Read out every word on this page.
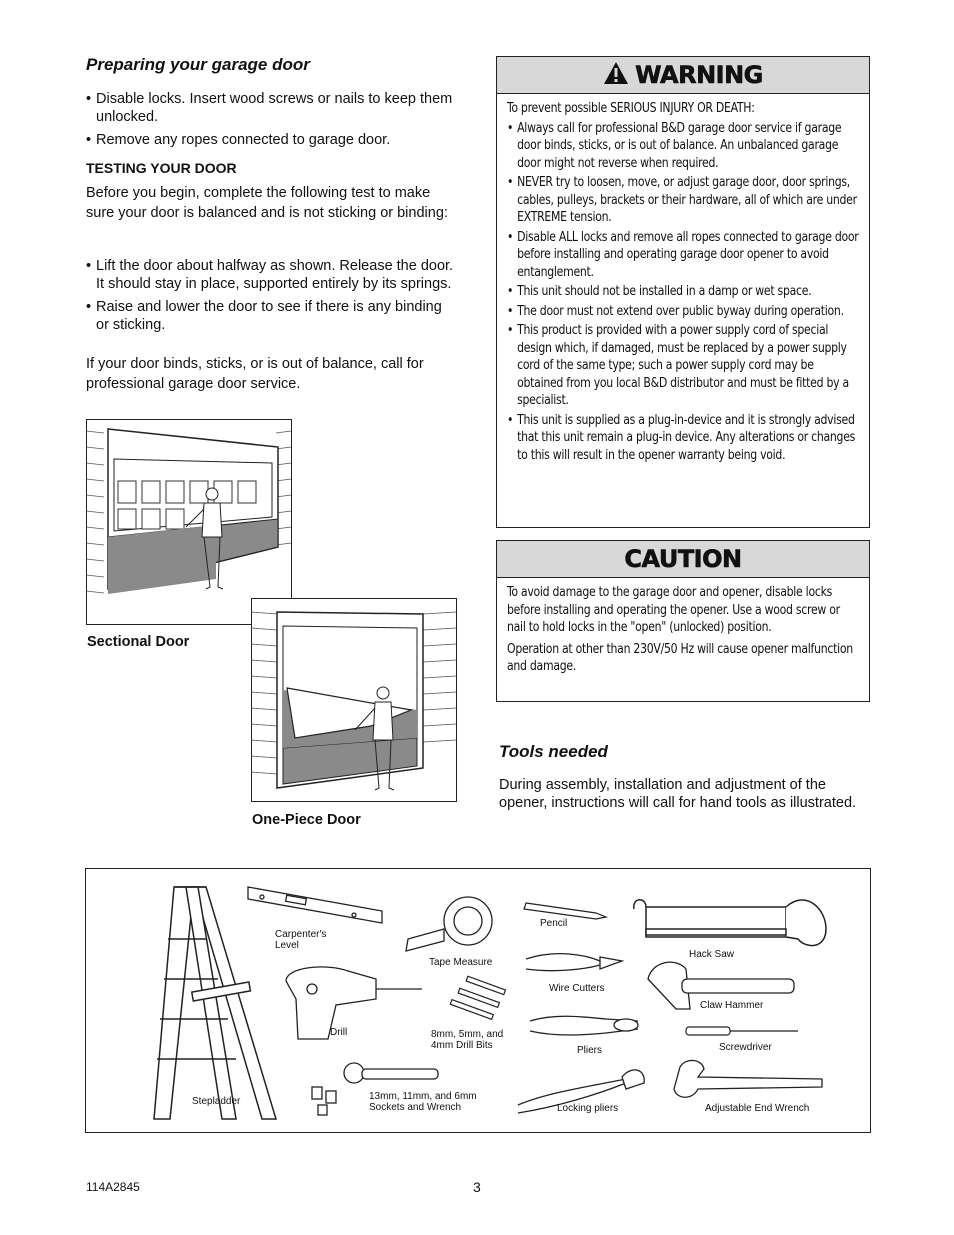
Preparing your garage door
• Disable locks. Insert wood screws or nails to keep them unlocked.
• Remove any ropes connected to garage door.
TESTING YOUR DOOR
Before you begin, complete the following test to make sure your door is balanced and is not sticking or binding:
• Lift the door about halfway as shown. Release the door. It should stay in place, supported entirely by its springs.
• Raise and lower the door to see if there is any binding or sticking.
If your door binds, sticks, or is out of balance, call for professional garage door service.
Sectional Door
One-Piece Door
WARNING
To prevent possible SERIOUS INJURY OR DEATH:
• Always call for professional B&D garage door service if garage door binds, sticks, or is out of balance. An unbalanced garage door might not reverse when required.
• NEVER try to loosen, move, or adjust garage door, door springs, cables, pulleys, brackets or their hardware, all of which are under EXTREME tension.
• Disable ALL locks and remove all ropes connected to garage door before installing and operating garage door opener to avoid entanglement.
• This unit should not be installed in a damp or wet space.
• The door must not extend over public byway during operation.
• This product is provided with a power supply cord of special design which, if damaged, must be replaced by a power supply cord of the same type; such a power supply cord may be obtained from you local B&D distributor and must be fitted by a specialist.
• This unit is supplied as a plug-in-device and it is strongly advised that this unit remain a plug-in device. Any alterations or changes to this will result in the opener warranty being void.
CAUTION
To avoid damage to the garage door and opener, disable locks before installing and operating the opener. Use a wood screw or nail to hold locks in the "open" (unlocked) position.
Operation at other than 230V/50 Hz will cause opener malfunction and damage.
Tools needed
During assembly, installation and adjustment of the opener, instructions will call for hand tools as illustrated.
Carpenter's Level
Tape Measure
Pencil
Hack Saw
Wire Cutters
Claw Hammer
Drill	8mm, 5mm, and 4mm Drill Bits	Pliers	Screwdriver
Stepladder	13mm, 11mm, and 6mm Sockets and Wrench	Locking pliers	Adjustable End Wrench
114A2845	3
